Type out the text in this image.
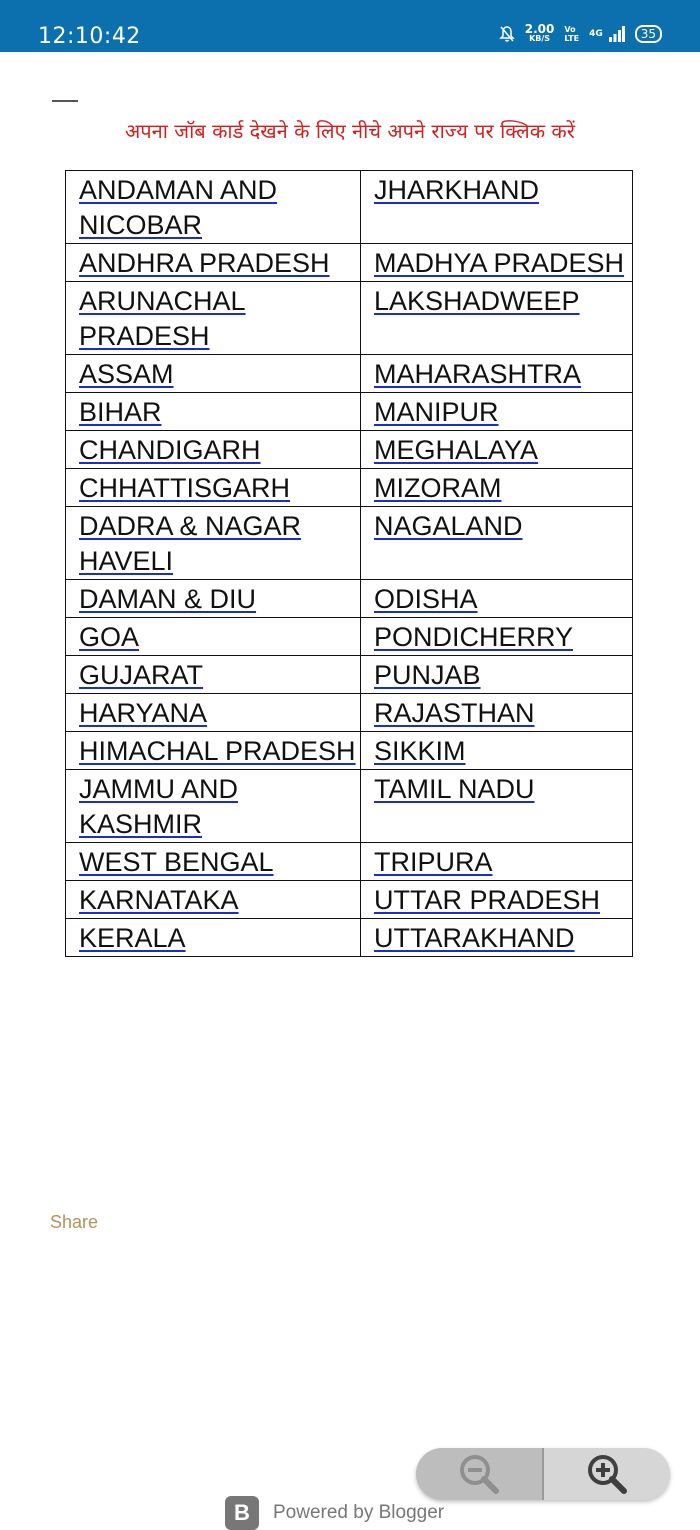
12:10:42	2.00
KB/S
Vo
LTE 4G	35
अपना जॉब कार्ड देखने के लिए नीचे अपने राज्य पर क्लिक करें
ANDAMAN AND NICOBAR	JHARKHAND
ANDHRA PRADESH	MADHYA PRADESH
ARUNACHAL PRADESH	LAKSHADWEEP
ASSAM	MAHARASHTRA
BIHAR	MANIPUR
CHANDIGARH	MEGHALAYA
CHHATTISGARH	MIZORAM
DADRA & NAGAR HAVELI	NAGALAND
DAMAN & DIU	ODISHA
GOA	PONDICHERRY
GUJARAT	PUNJAB
HARYANA	RAJASTHAN
HIMACHAL PRADESH	SIKKIM
JAMMU AND KASHMIR	TAMIL NADU
WEST BENGAL	TRIPURA
KARNATAKA	UTTAR PRADESH
KERALA	UTTARAKHAND
Share
B	Powered by Blogger
